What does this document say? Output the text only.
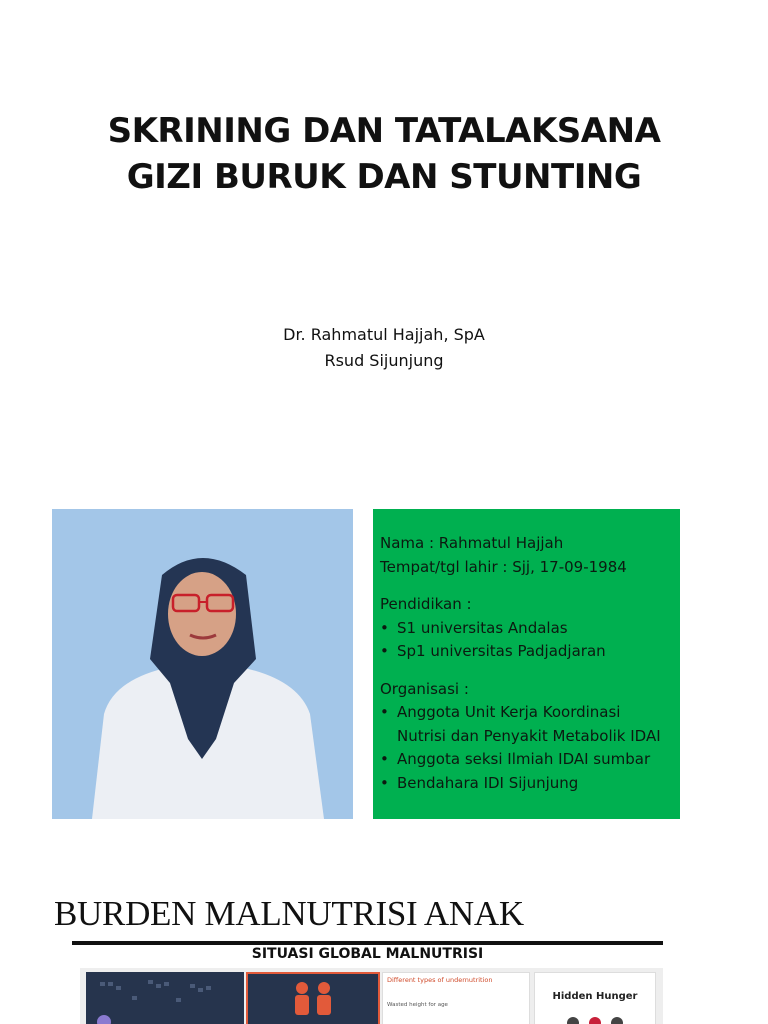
SKRINING DAN TATALAKSANA
GIZI BURUK DAN STUNTING
Dr. Rahmatul Hajjah, SpA
Rsud Sijunjung
Nama : Rahmatul Hajjah
Tempat/tgl lahir : Sjj, 17-09-1984
Pendidikan :
• S1 universitas Andalas
• Sp1 universitas Padjadjaran
Organisasi :
• Anggota Unit Kerja Koordinasi Nutrisi dan Penyakit Metabolik IDAI
• Anggota seksi Ilmiah IDAI sumbar
• Bendahara IDI Sijunjung
BURDEN MALNUTRISI ANAK
SITUASI GLOBAL MALNUTRISI
Different types of undernutrition
Wasted height for age
Hidden Hunger
